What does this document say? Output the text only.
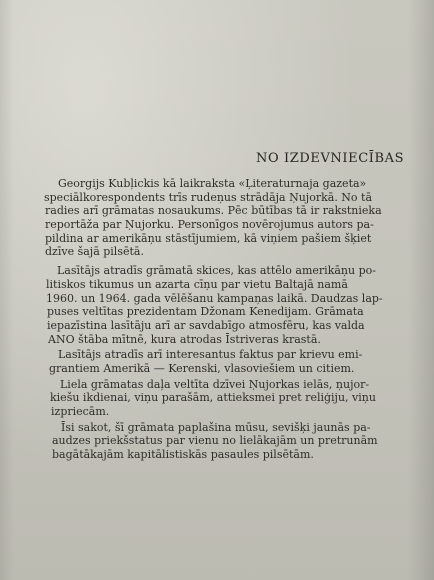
NO IZDEVNIECĪBAS
Georgijs Kubļickis kā laikraksta «Ļiteraturnaja gazeta»
speciālkorespondents trīs rudeņus strādāja Ņujorkā. No tā
radies arī grāmatas nosaukums. Pēc būtības tā ir rakstnieka
reportāža par Ņujorku. Personīgos novērojumus autors pa-
pildina ar amerikāņu stāstījumiem, kā viņiem pašiem šķiet
dzīve šajā pilsētā.
Lasītājs atradīs grāmatā skices, kas attēlo amerikāņu po-
litiskos tikumus un azarta cīņu par vietu Baltajā namā
1960. un 1964. gada vēlēšanu kampaņas laikā. Daudzas lap-
puses veltītas prezidentam Džonam Kenedijam. Grāmata
iepazīstina lasītāju arī ar savdabīgo atmosfēru, kas valda
ANO štāba mītnē, kura atrodas Īstriveras krastā.
Lasītājs atradīs arī interesantus faktus par krievu emi-
grantiem Amerikā — Kerenski, vlasoviešiem un citiem.
Liela grāmatas daļa veltīta dzīvei Ņujorkas ielās, ņujor-
kiešu ikdienai, viņu parašām, attieksmei pret reliģiju, viņu
izpriecām.
Īsi sakot, šī grāmata paplašina mūsu, sevišķi jaunās pa-
audzes priekšstatus par vienu no lielākajām un pretrunām
bagātākajām kapitālistiskās pasaules pilsētām.
